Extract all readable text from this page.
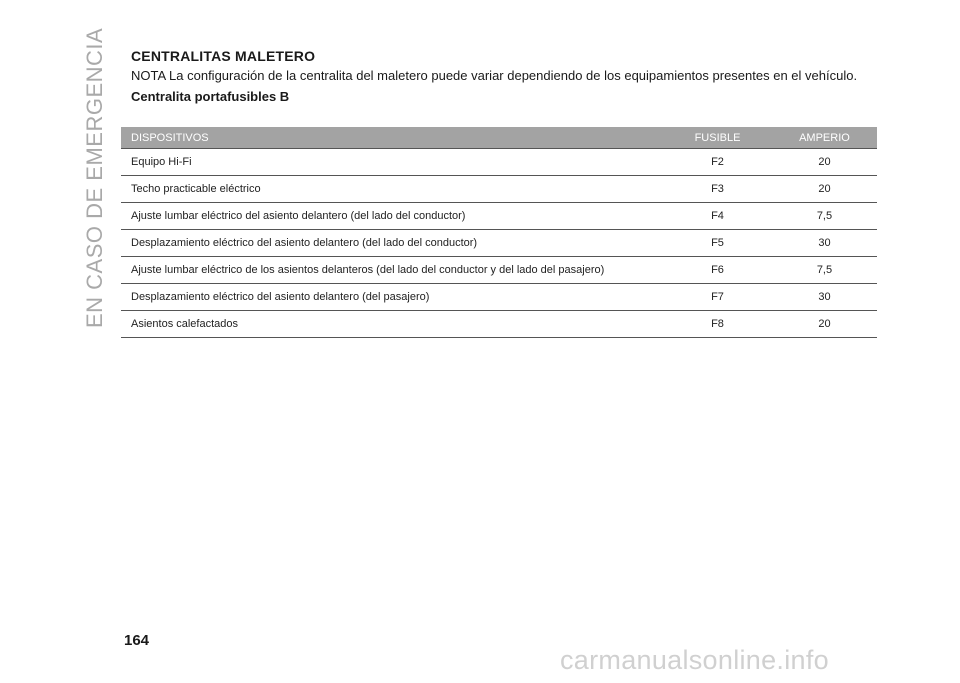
EN CASO DE EMERGENCIA CENTRALITAS MALETERO

NOTA La configuración de la centralita del maletero puede variar dependiendo de los equipamientos presentes en el vehículo.

Centralita portafusibles B
DISPOSITIVOS	FUSIBLE	AMPERIO
Equipo Hi-Fi	F2	20
Techo practicable eléctrico	F3	20
Ajuste lumbar eléctrico del asiento delantero (del lado del conductor)	F4	7,5
Desplazamiento eléctrico del asiento delantero (del lado del conductor)	F5	30
Ajuste lumbar eléctrico de los asientos delanteros (del lado del conductor y del lado del pasajero)	F6	7,5
Desplazamiento eléctrico del asiento delantero (del pasajero)	F7	30
Asientos calefactados	F8	20
164
carmanualsonline.info
